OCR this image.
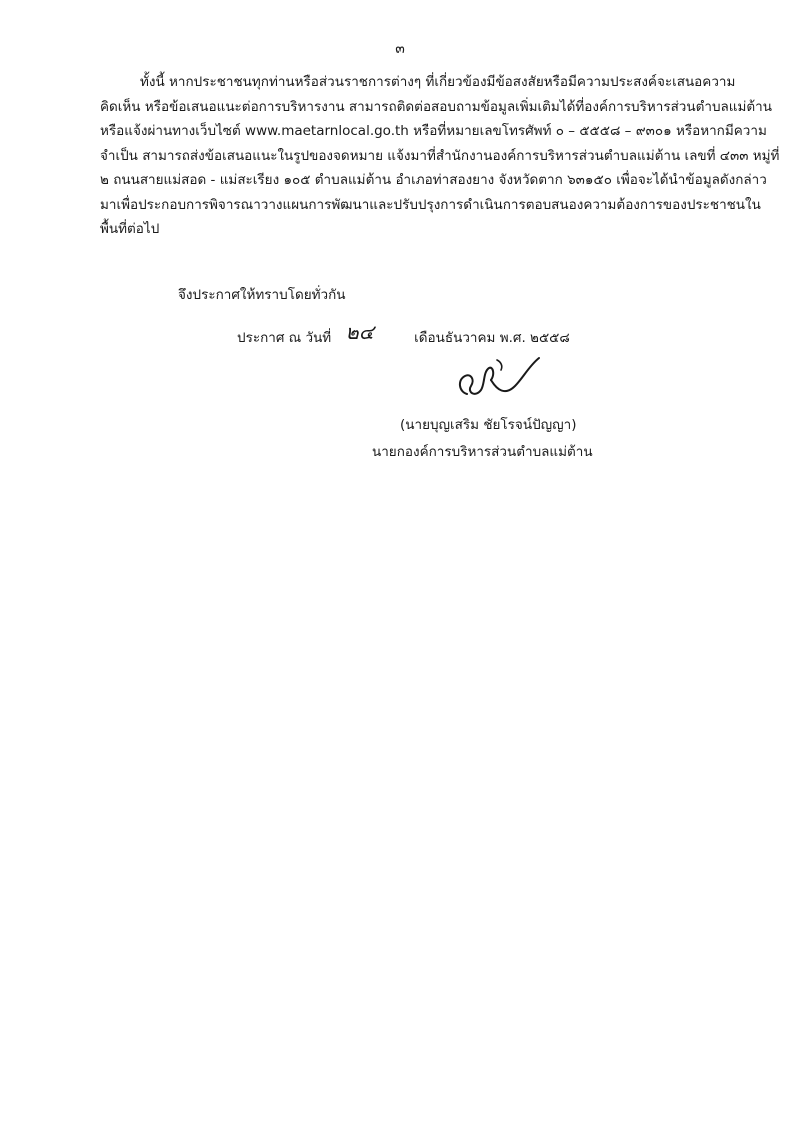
๓
ทั้งนี้ หากประชาชนทุกท่านหรือส่วนราชการต่างๆ ที่เกี่ยวข้องมีข้อสงสัยหรือมีความประสงค์จะเสนอความ
คิดเห็น หรือข้อเสนอแนะต่อการบริหารงาน สามารถติดต่อสอบถามข้อมูลเพิ่มเติมได้ที่องค์การบริหารส่วนตำบลแม่ต้าน
หรือแจ้งผ่านทางเว็บไซต์ www.maetarnlocal.go.th หรือที่หมายเลขโทรศัพท์ ๐ – ๕๕๕๘ – ๙๓๐๑ หรือหากมีความ
จำเป็น สามารถส่งข้อเสนอแนะในรูปของจดหมาย แจ้งมาที่สำนักงานองค์การบริหารส่วนตำบลแม่ต้าน เลขที่ ๔๓๓ หมู่ที่
๒ ถนนสายแม่สอด - แม่สะเรียง ๑๐๕ ตำบลแม่ต้าน อำเภอท่าสองยาง จังหวัดตาก ๖๓๑๕๐ เพื่อจะได้นำข้อมูลดังกล่าว
มาเพื่อประกอบการพิจารณาวางแผนการพัฒนาและปรับปรุงการดำเนินการตอบสนองความต้องการของประชาชนใน
พื้นที่ต่อไป
จึงประกาศให้ทราบโดยทั่วกัน
ประกาศ ณ วันที่ ๒๔	เดือนธันวาคม พ.ศ. ๒๕๕๘
(นายบุญเสริม ชัยโรจน์ปัญญา)
นายกองค์การบริหารส่วนตำบลแม่ต้าน
